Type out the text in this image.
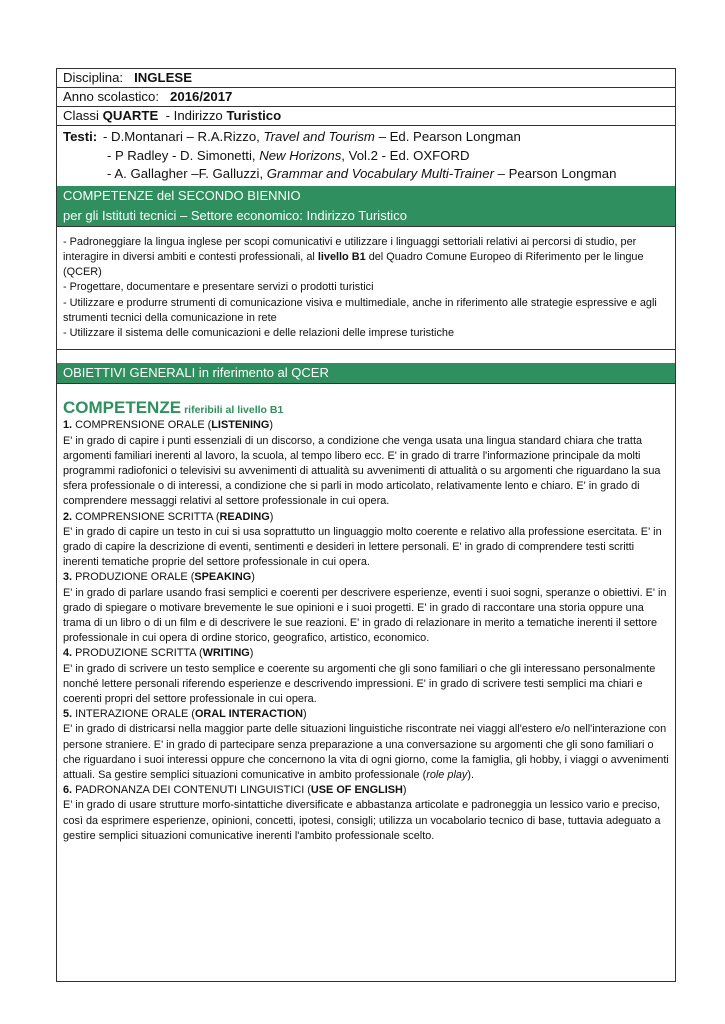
Disciplina: INGLESE
Anno scolastico: 2016/2017
Classi QUARTE - Indirizzo Turistico
Testi: - D.Montanari – R.A.Rizzo, Travel and Tourism – Ed. Pearson Longman
- P Radley - D. Simonetti, New Horizons, Vol.2 - Ed. OXFORD
- A. Gallagher –F. Galluzzi, Grammar and Vocabulary Multi-Trainer – Pearson Longman
COMPETENZE del SECONDO BIENNIO
per gli Istituti tecnici – Settore economico: Indirizzo Turistico
- Padroneggiare la lingua inglese per scopi comunicativi e utilizzare i linguaggi settoriali relativi ai percorsi di studio, per interagire in diversi ambiti e contesti professionali, al livello B1 del Quadro Comune Europeo di Riferimento per le lingue (QCER)
- Progettare, documentare e presentare servizi o prodotti turistici
- Utilizzare e produrre strumenti di comunicazione visiva e multimediale, anche in riferimento alle strategie espressive e agli strumenti tecnici della comunicazione in rete
- Utilizzare il sistema delle comunicazioni e delle relazioni delle imprese turistiche
OBIETTIVI GENERALI in riferimento al QCER
COMPETENZE riferibili al livello B1
1. COMPRENSIONE ORALE (LISTENING)
E' in grado di capire i punti essenziali di un discorso, a condizione che venga usata una lingua standard chiara che tratta argomenti familiari inerenti al lavoro, la scuola, al tempo libero ecc. E' in grado di trarre l'informazione principale da molti programmi radiofonici o televisivi su avvenimenti di attualità su avvenimenti di attualità o su argomenti che riguardano la sua sfera professionale o di interessi, a condizione che si parli in modo articolato, relativamente lento e chiaro. E' in grado di comprendere messaggi relativi al settore professionale in cui opera.
2. COMPRENSIONE SCRITTA (READING)
E' in grado di capire un testo in cui si usa soprattutto un linguaggio molto coerente e relativo alla professione esercitata. E' in grado di capire la descrizione di eventi, sentimenti e desideri in lettere personali. E' in grado di comprendere testi scritti inerenti tematiche proprie del settore professionale in cui opera.
3. PRODUZIONE ORALE (SPEAKING)
E' in grado di parlare usando frasi semplici e coerenti per descrivere esperienze, eventi i suoi sogni, speranze o obiettivi. E' in grado di spiegare o motivare brevemente le sue opinioni e i suoi progetti. E' in grado di raccontare una storia oppure una trama di un libro o di un film e di descrivere le sue reazioni. E' in grado di relazionare in merito a tematiche inerenti il settore professionale in cui opera di ordine storico, geografico, artistico, economico.
4. PRODUZIONE SCRITTA (WRITING)
E' in grado di scrivere un testo semplice e coerente su argomenti che gli sono familiari o che gli interessano personalmente nonché lettere personali riferendo esperienze e descrivendo impressioni. E' in grado di scrivere testi semplici ma chiari e coerenti propri del settore professionale in cui opera.
5. INTERAZIONE ORALE (ORAL INTERACTION)
E' in grado di districarsi nella maggior parte delle situazioni linguistiche riscontrate nei viaggi all'estero e/o nell'interazione con persone straniere. E' in grado di partecipare senza preparazione a una conversazione su argomenti che gli sono familiari o che riguardano i suoi interessi oppure che concernono la vita di ogni giorno, come la famiglia, gli hobby, i viaggi o avvenimenti attuali. Sa gestire semplici situazioni comunicative in ambito professionale (role play).
6. PADRONANZA DEI CONTENUTI LINGUISTICI (USE OF ENGLISH)
E’ in grado di usare strutture morfo-sintattiche diversificate e abbastanza articolate e padroneggia un lessico vario e preciso, così da esprimere esperienze, opinioni, concetti, ipotesi, consigli; utilizza un vocabolario tecnico di base, tuttavia adeguato a gestire semplici situazioni comunicative inerenti l'ambito professionale scelto.
